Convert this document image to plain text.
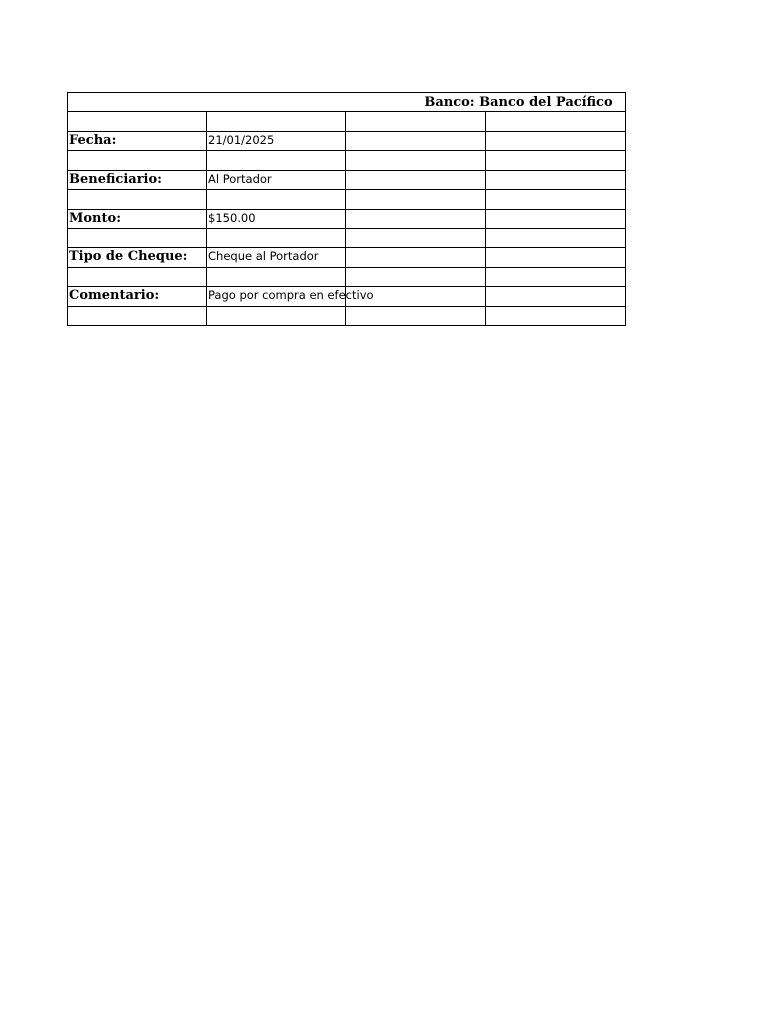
Banco: Banco del Pacífico
Fecha:	21/01/2025
Beneficiario:	Al Portador
Monto:	$150.00
Tipo de Cheque: Cheque al Portador
Comentario:	Pago por compra en efectivo
